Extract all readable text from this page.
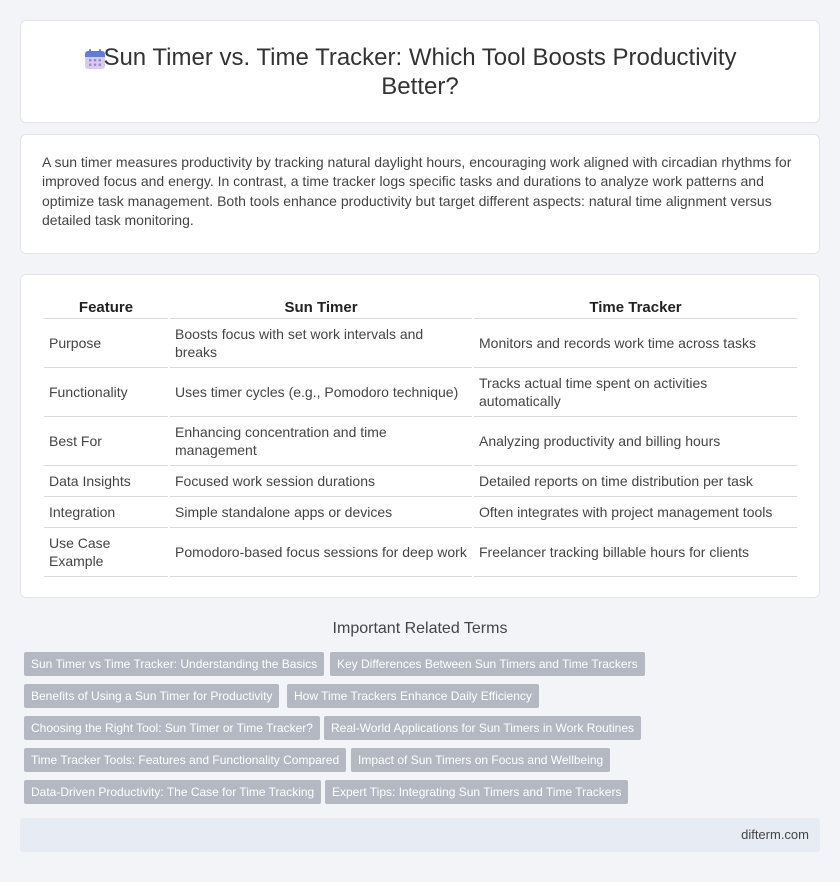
Sun Timer vs. Time Tracker: Which Tool Boosts Productivity Better?

A sun timer measures productivity by tracking natural daylight hours, encouraging work aligned with circadian rhythms for improved focus and energy. In contrast, a time tracker logs specific tasks and durations to analyze work patterns and optimize task management. Both tools enhance productivity but target different aspects: natural time alignment versus detailed task monitoring.

Feature	Sun Timer	Time Tracker
Purpose	Boosts focus with set work intervals and breaks	Monitors and records work time across tasks
Functionality	Uses timer cycles (e.g., Pomodoro technique)	Tracks actual time spent on activities automatically
Best For	Enhancing concentration and time management	Analyzing productivity and billing hours
Data Insights	Focused work session durations	Detailed reports on time distribution per task
Integration	Simple standalone apps or devices	Often integrates with project management tools
Use Case Example	Pomodoro-based focus sessions for deep work	Freelancer tracking billable hours for clients
Important Related Terms
Sun Timer vs Time Tracker: Understanding the Basics	Key Differences Between Sun Timers and Time Trackers
Benefits of Using a Sun Timer for Productivity	How Time Trackers Enhance Daily Efficiency
Choosing the Right Tool: Sun Timer or Time Tracker?	Real-World Applications for Sun Timers in Work Routines
Time Tracker Tools: Features and Functionality Compared	Impact of Sun Timers on Focus and Wellbeing
Data-Driven Productivity: The Case for Time Tracking	Expert Tips: Integrating Sun Timers and Time Trackers
difterm.com
